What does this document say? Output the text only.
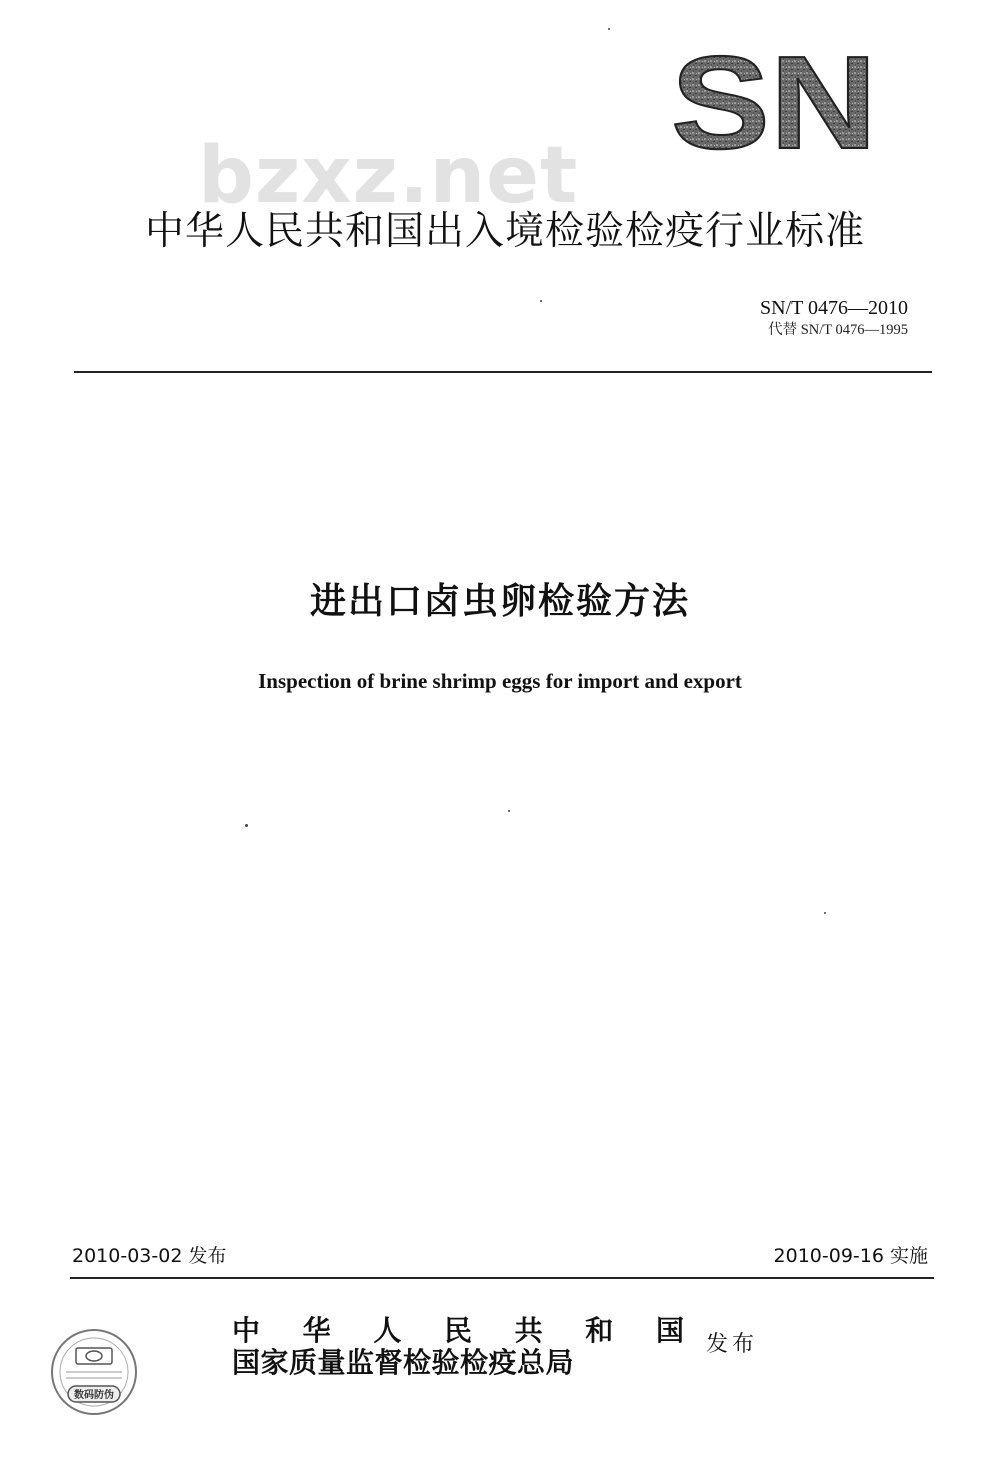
SN
bzxz.net
中华人民共和国出入境检验检疫行业标准
SN/T 0476—2010
代替 SN/T 0476—1995
进出口卤虫卵检验方法
Inspection of brine shrimp eggs for import and export
2010-03-02 发布	2010-09-16 实施
中 华 人 民 共 和 国
国家质量监督检验检疫总局
发布
数码防伪
